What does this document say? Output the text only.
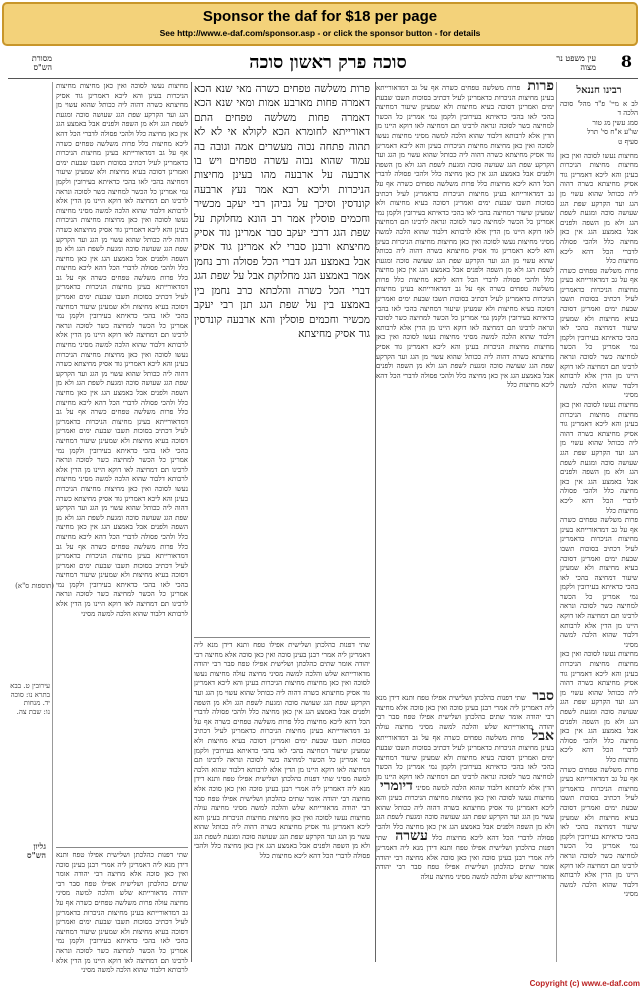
Sponsor the daf for $18 per page
See http://www.e-daf.com/sponsor.asp - or click the sponsor button - for details
8
עין משפט נר מצוה
סוכה פרק ראשון סוכה
מסורת הש"ס
רבינו חננאל
לב א מיי' פ"ד מהל' סוכה הלכה ד
סמג עשין מג טור
שו"ע א"ח סי' תרל
סעיף ט
מחיצות נעשו לסוכה ואין כאן מחיצות מחיצות הניכרות בעינן והא ליכא דאמרינן גוד אסיק מחיצתא כשרה דהוה ליה ככותל שהוא עשוי מן הגג ועד הקרקע שפת הגג שעושה סוכה ומגעת לשפת הגג ולא מן השפה ולפנים אבל באמצע הגג אין כאן מחיצה כלל ולהכי פסולה לדברי הכל דהא ליכא מחיצות כלל
פרות משלשה טפחים כשרה אף על גב דמדאורייתא בעינן מחיצות הניכרות כדאמרינן לעיל דכתיב בסוכות תשבו שבעת ימים ואמרינן דסוכה בעיא מחיצות ולא שמעינן שיעור דמחיצה בהכי לאו בהכי כדאיתא בעירובין ולקמן נמי אמרינן כל הכשר למחיצה כשר לסוכה ונראה לרבינו תם דמחיצה לאו דוקא היינו מן הדין אלא לרבותא דלבוד שהוא הלכה למשה מסיני
מחיצות נעשו לסוכה ואין כאן מחיצות מחיצות הניכרות בעינן והא ליכא דאמרינן גוד אסיק מחיצתא כשרה דהוה ליה ככותל שהוא עשוי מן הגג ועד הקרקע שפת הגג שעושה סוכה ומגעת לשפת הגג ולא מן השפה ולפנים אבל באמצע הגג אין כאן מחיצה כלל ולהכי פסולה לדברי הכל דהא ליכא מחיצות כלל
פרות משלשה טפחים כשרה אף על גב דמדאורייתא בעינן מחיצות הניכרות כדאמרינן לעיל דכתיב בסוכות תשבו שבעת ימים ואמרינן דסוכה בעיא מחיצות ולא שמעינן שיעור דמחיצה בהכי לאו בהכי כדאיתא בעירובין ולקמן נמי אמרינן כל הכשר למחיצה כשר לסוכה ונראה לרבינו תם דמחיצה לאו דוקא היינו מן הדין אלא לרבותא דלבוד שהוא הלכה למשה מסיני
מחיצות נעשו לסוכה ואין כאן מחיצות מחיצות הניכרות בעינן והא ליכא דאמרינן גוד אסיק מחיצתא כשרה דהוה ליה ככותל שהוא עשוי מן הגג ועד הקרקע שפת הגג שעושה סוכה ומגעת לשפת הגג ולא מן השפה ולפנים אבל באמצע הגג אין כאן מחיצה כלל ולהכי פסולה לדברי הכל דהא ליכא מחיצות כלל
פרות משלשה טפחים כשרה אף על גב דמדאורייתא בעינן מחיצות הניכרות כדאמרינן לעיל דכתיב בסוכות תשבו שבעת ימים ואמרינן דסוכה בעיא מחיצות ולא שמעינן שיעור דמחיצה בהכי לאו בהכי כדאיתא בעירובין ולקמן נמי אמרינן כל הכשר למחיצה כשר לסוכה ונראה לרבינו תם דמחיצה לאו דוקא היינו מן הדין אלא לרבותא דלבוד שהוא הלכה למשה מסיני
פרות פרות משלשה טפחים כשרה אף על גב דמדאורייתא בעינן מחיצות הניכרות כדאמרינן לעיל דכתיב בסוכות תשבו שבעת ימים ואמרינן דסוכה בעיא מחיצות ולא שמעינן שיעור דמחיצה בהכי לאו בהכי כדאיתא בעירובין ולקמן נמי אמרינן כל הכשר למחיצה כשר לסוכה ונראה לרבינו תם דמחיצה לאו דוקא היינו מן הדין אלא לרבותא דלבוד שהוא הלכה למשה מסיני מחיצות נעשו לסוכה ואין כאן מחיצות מחיצות הניכרות בעינן והא ליכא דאמרינן גוד אסיק מחיצתא כשרה דהוה ליה ככותל שהוא עשוי מן הגג ועד הקרקע שפת הגג שעושה סוכה ומגעת לשפת הגג ולא מן השפה ולפנים אבל באמצע הגג אין כאן מחיצה כלל ולהכי פסולה לדברי הכל דהא ליכא מחיצות כלל פרות משלשה טפחים כשרה אף על גב דמדאורייתא בעינן מחיצות הניכרות כדאמרינן לעיל דכתיב בסוכות תשבו שבעת ימים ואמרינן דסוכה בעיא מחיצות ולא שמעינן שיעור דמחיצה בהכי לאו בהכי כדאיתא בעירובין ולקמן נמי אמרינן כל הכשר למחיצה כשר לסוכה ונראה לרבינו תם דמחיצה לאו דוקא היינו מן הדין אלא לרבותא דלבוד שהוא הלכה למשה מסיני מחיצות נעשו לסוכה ואין כאן מחיצות מחיצות הניכרות בעינן והא ליכא דאמרינן גוד אסיק מחיצתא כשרה דהוה ליה ככותל שהוא עשוי מן הגג ועד הקרקע שפת הגג שעושה סוכה ומגעת לשפת הגג ולא מן השפה ולפנים אבל באמצע הגג אין כאן מחיצה כלל ולהכי פסולה לדברי הכל דהא ליכא מחיצות כלל פרות משלשה טפחים כשרה אף על גב דמדאורייתא בעינן מחיצות הניכרות כדאמרינן לעיל דכתיב בסוכות תשבו שבעת ימים ואמרינן דסוכה בעיא מחיצות ולא שמעינן שיעור דמחיצה בהכי לאו בהכי כדאיתא בעירובין ולקמן נמי אמרינן כל הכשר למחיצה כשר לסוכה ונראה לרבינו תם דמחיצה לאו דוקא היינו מן הדין אלא לרבותא דלבוד שהוא הלכה למשה מסיני מחיצות נעשו לסוכה ואין כאן מחיצות מחיצות הניכרות בעינן והא ליכא דאמרינן גוד אסיק מחיצתא כשרה דהוה ליה ככותל שהוא עשוי מן הגג ועד הקרקע שפת הגג שעושה סוכה ומגעת לשפת הגג ולא מן השפה ולפנים אבל באמצע הגג אין כאן מחיצה כלל ולהכי פסולה לדברי הכל דהא ליכא מחיצות כלל
פרות משלשה טפחים כשרה מאי שנא הכא דאמרה פחות מארבע אמות ומאי שנא הכא דאמרה פחות משלשה טפחים התם דאורייתא לחומרא הכא לקולא אי לא לא תהוה פתחה נכוה מעשרים אמה וגובה בה עמוד שהוא נבוה עשרה טפחים ויש בו ארבעה על ארבעה מהו בעינן מחיצות הניכרות וליכא רבא אמר נעץ ארבעה קונדסין וסיכך על גביהן רבי יעקב מכשיר וחכמים פוסלין אמר רב הונא מחלוקת על שפת הגג דרבי יעקב סבר אמרינן גוד אסיק מחיצתא ורבנן סברי לא אמרינן גוד אסיק אבל באמצע הגג דברי הכל פסולה ורב נחמן אמר באמצע הגג מחלוקת אבל על שפת הגג דברי הכל כשרה והלכתא כרב נחמן בין באמצע בין על שפת הגג תנן רבי יעקב מכשיר וחכמים פוסלין והא ארבעה קונדסין גוד אסיק מחיצתא
מחיצות נעשו לסוכה ואין כאן מחיצות מחיצות הניכרות בעינן והא ליכא דאמרינן גוד אסיק מחיצתא כשרה דהוה ליה ככותל שהוא עשוי מן הגג ועד הקרקע שפת הגג שעושה סוכה ומגעת לשפת הגג ולא מן השפה ולפנים אבל באמצע הגג אין כאן מחיצה כלל ולהכי פסולה לדברי הכל דהא ליכא מחיצות כלל פרות משלשה טפחים כשרה אף על גב דמדאורייתא בעינן מחיצות הניכרות כדאמרינן לעיל דכתיב בסוכות תשבו שבעת ימים ואמרינן דסוכה בעיא מחיצות ולא שמעינן שיעור דמחיצה בהכי לאו בהכי כדאיתא בעירובין ולקמן נמי אמרינן כל הכשר למחיצה כשר לסוכה ונראה לרבינו תם דמחיצה לאו דוקא היינו מן הדין אלא לרבותא דלבוד שהוא הלכה למשה מסיני מחיצות נעשו לסוכה ואין כאן מחיצות מחיצות הניכרות בעינן והא ליכא דאמרינן גוד אסיק מחיצתא כשרה דהוה ליה ככותל שהוא עשוי מן הגג ועד הקרקע שפת הגג שעושה סוכה ומגעת לשפת הגג ולא מן השפה ולפנים אבל באמצע הגג אין כאן מחיצה כלל ולהכי פסולה לדברי הכל דהא ליכא מחיצות כלל פרות משלשה טפחים כשרה אף על גב דמדאורייתא בעינן מחיצות הניכרות כדאמרינן לעיל דכתיב בסוכות תשבו שבעת ימים ואמרינן דסוכה בעיא מחיצות ולא שמעינן שיעור דמחיצה בהכי לאו בהכי כדאיתא בעירובין ולקמן נמי אמרינן כל הכשר למחיצה כשר לסוכה ונראה לרבינו תם דמחיצה לאו דוקא היינו מן הדין אלא לרבותא דלבוד שהוא הלכה למשה מסיני מחיצות נעשו לסוכה ואין כאן מחיצות מחיצות הניכרות בעינן והא ליכא דאמרינן גוד אסיק מחיצתא כשרה דהוה ליה ככותל שהוא עשוי מן הגג ועד הקרקע שפת הגג שעושה סוכה ומגעת לשפת הגג ולא מן השפה ולפנים אבל באמצע הגג אין כאן מחיצה כלל ולהכי פסולה לדברי הכל דהא ליכא מחיצות כלל פרות משלשה טפחים כשרה אף על גב דמדאורייתא בעינן מחיצות הניכרות כדאמרינן לעיל דכתיב בסוכות תשבו שבעת ימים ואמרינן דסוכה בעיא מחיצות ולא שמעינן שיעור דמחיצה בהכי לאו בהכי כדאיתא בעירובין ולקמן נמי אמרינן כל הכשר למחיצה כשר לסוכה ונראה לרבינו תם דמחיצה לאו דוקא היינו מן הדין אלא לרבותא דלבוד שהוא הלכה למשה מסיני מחיצות נעשו לסוכה ואין כאן מחיצות מחיצות הניכרות בעינן והא ליכא דאמרינן גוד אסיק מחיצתא כשרה דהוה ליה ככותל שהוא עשוי מן הגג ועד הקרקע שפת הגג שעושה סוכה ומגעת לשפת הגג ולא מן השפה ולפנים אבל באמצע הגג אין כאן מחיצה כלל ולהכי פסולה לדברי הכל דהא ליכא מחיצות כלל פרות משלשה טפחים כשרה אף על גב דמדאורייתא בעינן מחיצות הניכרות כדאמרינן לעיל דכתיב בסוכות תשבו שבעת ימים ואמרינן דסוכה בעיא מחיצות ולא שמעינן שיעור דמחיצה בהכי לאו בהכי כדאיתא בעירובין ולקמן נמי אמרינן כל הכשר למחיצה כשר לסוכה ונראה לרבינו תם דמחיצה לאו דוקא היינו מן הדין אלא לרבותא דלבוד שהוא הלכה למשה מסיני
עירובין ט. בבא
בתרא נו: סוכה
יד. מנחות
נו: שבת צה.
גליון הש"ס
(תוספות ס"א)
סבר שתי דפנות כהלכתן ושלישית אפילו טפח ותנא דידן מנא ליה דאמרינן ליה אמרי רבנן בעינן סוכה ואין כאן סוכה אלא מחיצה רבי יהודה אומר שתים כהלכתן ושלישית אפילו טפח סבר רבי יהודה מדאורייתא שלש והלכה למשה מסיני מחיצה עולה אבל פרות משלשה טפחים כשרה אף על גב דמדאורייתא בעינן מחיצות הניכרות כדאמרינן לעיל דכתיב בסוכות תשבו שבעת ימים ואמרינן דסוכה בעיא מחיצות ולא שמעינן שיעור דמחיצה בהכי לאו בהכי כדאיתא בעירובין ולקמן נמי אמרינן כל הכשר למחיצה כשר לסוכה ונראה לרבינו תם דמחיצה לאו דוקא היינו מן הדין אלא לרבותא דלבוד שהוא הלכה למשה מסיני דיומרי מחיצות נעשו לסוכה ואין כאן מחיצות מחיצות הניכרות בעינן והא ליכא דאמרינן גוד אסיק מחיצתא כשרה דהוה ליה ככותל שהוא עשוי מן הגג ועד הקרקע שפת הגג שעושה סוכה ומגעת לשפת הגג ולא מן השפה ולפנים אבל באמצע הגג אין כאן מחיצה כלל ולהכי פסולה לדברי הכל דהא ליכא מחיצות כלל עשרה שתי דפנות כהלכתן ושלישית אפילו טפח ותנא דידן מנא ליה דאמרינן ליה אמרי רבנן בעינן סוכה ואין כאן סוכה אלא מחיצה רבי יהודה אומר שתים כהלכתן ושלישית אפילו טפח סבר רבי יהודה מדאורייתא שלש והלכה למשה מסיני מחיצה עולה
שתי דפנות כהלכתן ושלישית אפילו טפח ותנא דידן מנא ליה דאמרינן ליה אמרי רבנן בעינן סוכה ואין כאן סוכה אלא מחיצה רבי יהודה אומר שתים כהלכתן ושלישית אפילו טפח סבר רבי יהודה מדאורייתא שלש והלכה למשה מסיני מחיצה עולה מחיצות נעשו לסוכה ואין כאן מחיצות מחיצות הניכרות בעינן והא ליכא דאמרינן גוד אסיק מחיצתא כשרה דהוה ליה ככותל שהוא עשוי מן הגג ועד הקרקע שפת הגג שעושה סוכה ומגעת לשפת הגג ולא מן השפה ולפנים אבל באמצע הגג אין כאן מחיצה כלל ולהכי פסולה לדברי הכל דהא ליכא מחיצות כלל פרות משלשה טפחים כשרה אף על גב דמדאורייתא בעינן מחיצות הניכרות כדאמרינן לעיל דכתיב בסוכות תשבו שבעת ימים ואמרינן דסוכה בעיא מחיצות ולא שמעינן שיעור דמחיצה בהכי לאו בהכי כדאיתא בעירובין ולקמן נמי אמרינן כל הכשר למחיצה כשר לסוכה ונראה לרבינו תם דמחיצה לאו דוקא היינו מן הדין אלא לרבותא דלבוד שהוא הלכה למשה מסיני שתי דפנות כהלכתן ושלישית אפילו טפח ותנא דידן מנא ליה דאמרינן ליה אמרי רבנן בעינן סוכה ואין כאן סוכה אלא מחיצה רבי יהודה אומר שתים כהלכתן ושלישית אפילו טפח סבר רבי יהודה מדאורייתא שלש והלכה למשה מסיני מחיצה עולה מחיצות נעשו לסוכה ואין כאן מחיצות מחיצות הניכרות בעינן והא ליכא דאמרינן גוד אסיק מחיצתא כשרה דהוה ליה ככותל שהוא עשוי מן הגג ועד הקרקע שפת הגג שעושה סוכה ומגעת לשפת הגג ולא מן השפה ולפנים אבל באמצע הגג אין כאן מחיצה כלל ולהכי פסולה לדברי הכל דהא ליכא מחיצות כלל
שתי דפנות כהלכתן ושלישית אפילו טפח ותנא דידן מנא ליה דאמרינן ליה אמרי רבנן בעינן סוכה ואין כאן סוכה אלא מחיצה רבי יהודה אומר שתים כהלכתן ושלישית אפילו טפח סבר רבי יהודה מדאורייתא שלש והלכה למשה מסיני מחיצה עולה פרות משלשה טפחים כשרה אף על גב דמדאורייתא בעינן מחיצות הניכרות כדאמרינן לעיל דכתיב בסוכות תשבו שבעת ימים ואמרינן דסוכה בעיא מחיצות ולא שמעינן שיעור דמחיצה בהכי לאו בהכי כדאיתא בעירובין ולקמן נמי אמרינן כל הכשר למחיצה כשר לסוכה ונראה לרבינו תם דמחיצה לאו דוקא היינו מן הדין אלא לרבותא דלבוד שהוא הלכה למשה מסיני
Copyright (c) www.e-daf.com
